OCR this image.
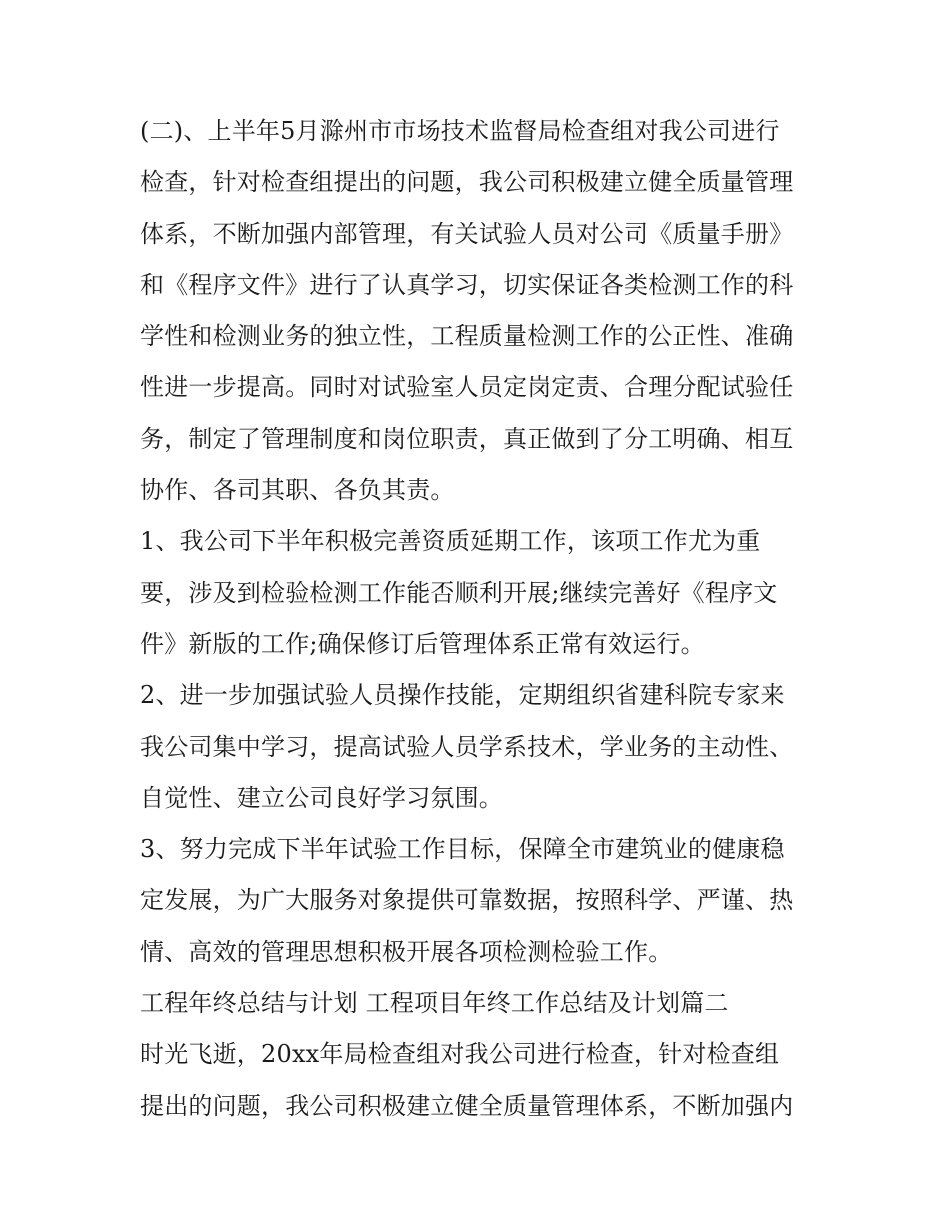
(二)、上半年5月滁州市市场技术监督局检查组对我公司进行
检查，针对检查组提出的问题，我公司积极建立健全质量管理
体系，不断加强内部管理，有关试验人员对公司《质量手册》
和《程序文件》进行了认真学习，切实保证各类检测工作的科
学性和检测业务的独立性，工程质量检测工作的公正性、准确
性进一步提高。同时对试验室人员定岗定责、合理分配试验任
务，制定了管理制度和岗位职责，真正做到了分工明确、相互
协作、各司其职、各负其责。
1、我公司下半年积极完善资质延期工作，该项工作尤为重
要，涉及到检验检测工作能否顺利开展;继续完善好《程序文
件》新版的工作;确保修订后管理体系正常有效运行。
2、进一步加强试验人员操作技能，定期组织省建科院专家来
我公司集中学习，提高试验人员学系技术，学业务的主动性、
自觉性、建立公司良好学习氛围。
3、努力完成下半年试验工作目标，保障全市建筑业的健康稳
定发展，为广大服务对象提供可靠数据，按照科学、严谨、热
情、高效的管理思想积极开展各项检测检验工作。
工程年终总结与计划 工程项目年终工作总结及计划篇二
时光飞逝，20xx年局检查组对我公司进行检查，针对检查组
提出的问题，我公司积极建立健全质量管理体系，不断加强内
